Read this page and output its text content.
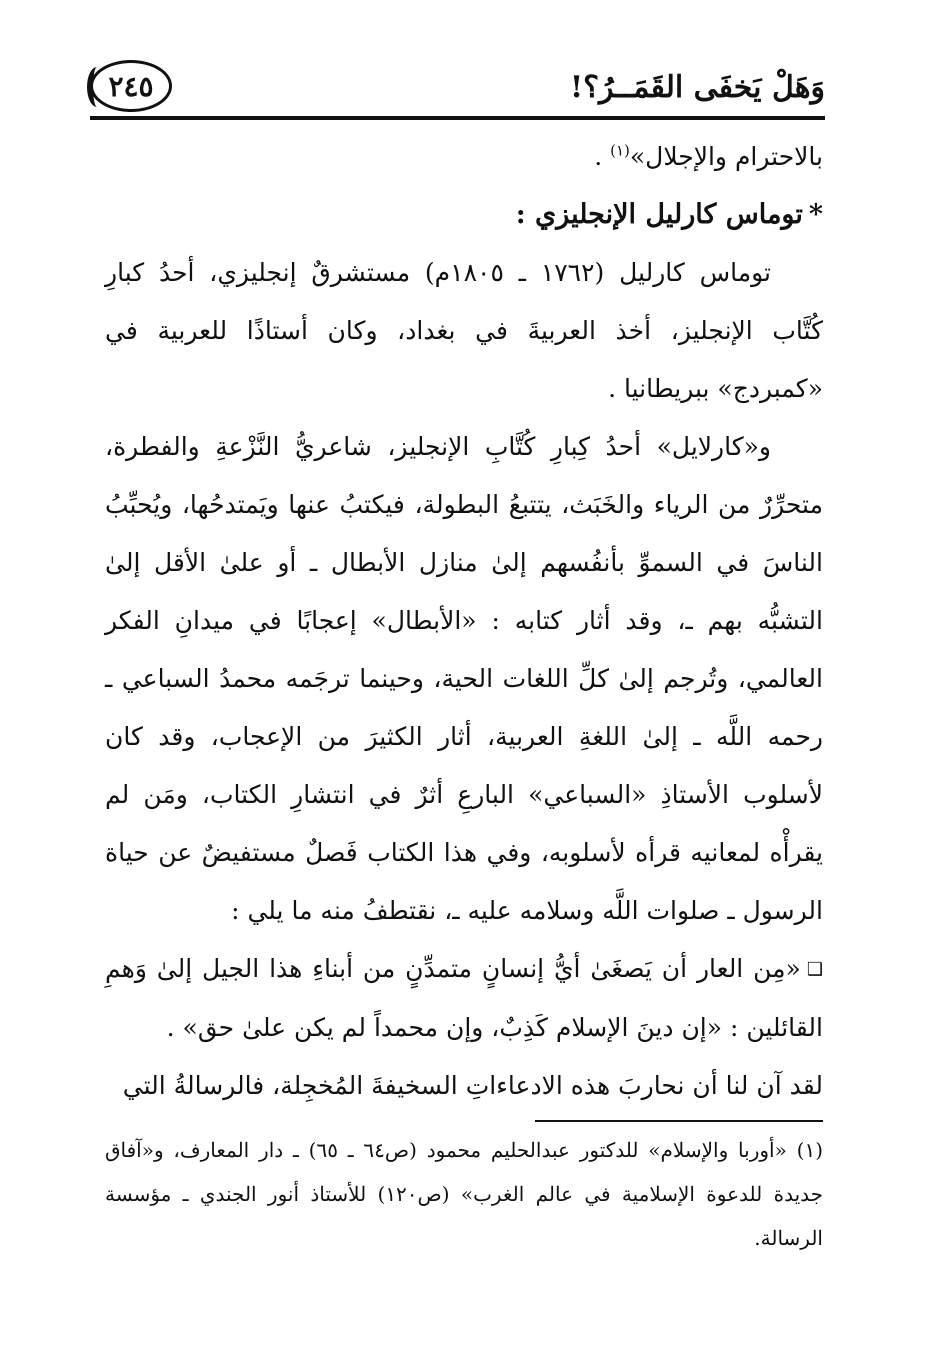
وَهَلْ يَخفَى القَمَــرُ؟!
٢٤٥

بالاحترام والإجلال»$^{(١)}$ .

*توماس كارليل الإنجليزي :

توماس كارليل (١٧٦٢ ـ ١٨٠٥م) مستشرقٌ إنجليزي، أحدُ كبارِ كُتَّاب الإنجليز، أخذ العربيةَ في بغداد، وكان أستاذًا للعربية في «كمبردج» ببريطانيا .

و«كارلايل» أحدُ كِبارِ كُتَّابِ الإنجليز، شاعريُّ النَّزْعةِ والفطرة، متحرِّرٌ من الرياء والخَبَث، يتتبعُ البطولة، فيكتبُ عنها ويَمتدحُها، ويُحبِّبُ الناسَ في السموِّ بأنفُسهم إلىٰ منازل الأبطال ـ أو علىٰ الأقل إلىٰ التشبُّه بهم ـ، وقد أثار كتابه : «الأبطال» إعجابًا في ميدانِ الفكر العالمي، وتُرجم إلىٰ كلِّ اللغات الحية، وحينما ترجَمه محمدُ السباعي ـ رحمه اللَّه ـ إلىٰ اللغةِ العربية، أثار الكثيرَ من الإعجاب، وقد كان لأسلوب الأستاذِ «السباعي» البارعِ أثرٌ في انتشارِ الكتاب، ومَن لم يقرأْه لمعانيه قرأه لأسلوبه، وفي هذا الكتاب فَصلٌ مستفيضٌ عن حياة الرسول ـ صلوات اللَّه وسلامه عليه ـ، نقتطفُ منه ما يلي :

❑«مِن العار أن يَصغَىٰ أيُّ إنسانٍ متمدِّنٍ من أبناءِ هذا الجيل إلىٰ وَهمِ القائلين : «إن دينَ الإسلام كَذِبٌ، وإن محمداً لم يكن علىٰ حق» .

لقد آن لنا أن نحاربَ هذه الادعاءاتِ السخيفةَ المُخجِلة، فالرسالةُ التي

(١) «أوربا والإسلام» للدكتور عبدالحليم محمود (ص٦٤ ـ ٦٥) ـ دار المعارف، و«آفاق جديدة للدعوة الإسلامية في عالم الغرب» (ص١٢٠) للأستاذ أنور الجندي ـ مؤسسة الرسالة.
